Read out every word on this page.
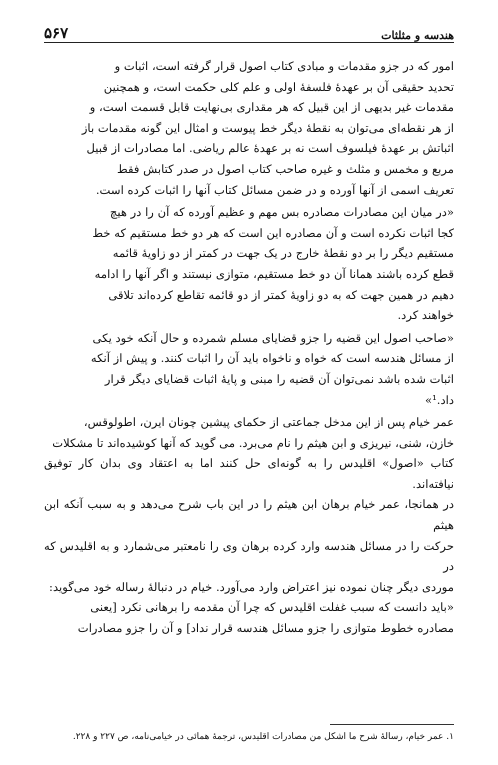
هندسه و مثلثات
۵۶۷

امور که در جزو مقدمات و مبادی کتاب اصول قرار گرفته است، اثبات و

تحدید حقیقی آن بر عهدهٔ فلسفهٔ اولی و علم کلی حکمت است، و همچنین

مقدمات غیر بدیهی از این قبیل که هر مقداری بی‌نهایت قابل قسمت است، و

از هر نقطه‌ای می‌توان به نقطهٔ دیگر خط پیوست و امثال این گونه مقدمات باز

اثباتش بر عهدهٔ فیلسوف است نه بر عهدهٔ عالم ریاضی. اما مصادرات از قبیل

مربع و مخمس و مثلث و غیره صاحب کتاب اصول در صدر کتابش فقط

تعریف اسمی از آنها آورده و در ضمن مسائل کتاب آنها را اثبات کرده است.

«در میان این مصادرات مصادره بس مهم و عظیم آورده که آن را در هیچ

کجا اثبات نکرده است و آن مصادره این است که هر دو خط مستقیم که خط

مستقیم دیگر را بر دو نقطهٔ خارج در یک جهت در کمتر از دو زاویهٔ قائمه

قطع کرده باشند همانا آن دو خط مستقیم، متوازی نیستند و اگر آنها را ادامه

دهیم در همین جهت که به دو زاویهٔ کمتر از دو قائمه تقاطع کرده‌اند تلاقی

خواهند کرد.

«صاحب اصول این قضیه را جزو قضایای مسلم شمرده و حال آنکه خود یکی

از مسائل هندسه است که خواه و ناخواه باید آن را اثبات کنند. و پیش از آنکه

اثبات شده باشد نمی‌توان آن قضیه را مبنی و پایهٔ اثبات قضایای دیگر قرار

داد.¹»

عمر خیام پس از این مدخل جماعتی از حکمای پیشین چونان ایرن، اطولوقس،

خازن، شنی، نیریزی و ابن هیثم را نام می‌برد. می گوید که آنها کوشیده‌اند تا مشکلات

کتاب «اصول» اقلیدس را به گونه‌ای حل کنند اما به اعتقاد وی بدان کار توفیق نیافته‌اند.

در همانجا، عمر خیام برهان ابن هیثم را در این باب شرح می‌دهد و به سبب آنکه ابن هیثم

حرکت را در مسائل هندسه وارد کرده برهان وی را نامعتبر می‌شمارد و به اقلیدس که در

موردی دیگر چنان نموده نیز اعتراض وارد می‌آورد. خیام در دنبالهٔ رساله خود می‌گوید:

«باید دانست که سبب غفلت اقلیدس که چرا آن مقدمه را برهانی نکرد [یعنی

مصادره خطوط متوازی را جزو مسائل هندسه قرار نداد] و آن را جزو مصادرات

۱. عمر خیام، رسالهٔ شرح ما اشکل من مصادرات اقلیدس، ترجمهٔ همائی در خیامی‌نامه، ص ۲۲۷ و ۲۲۸.
